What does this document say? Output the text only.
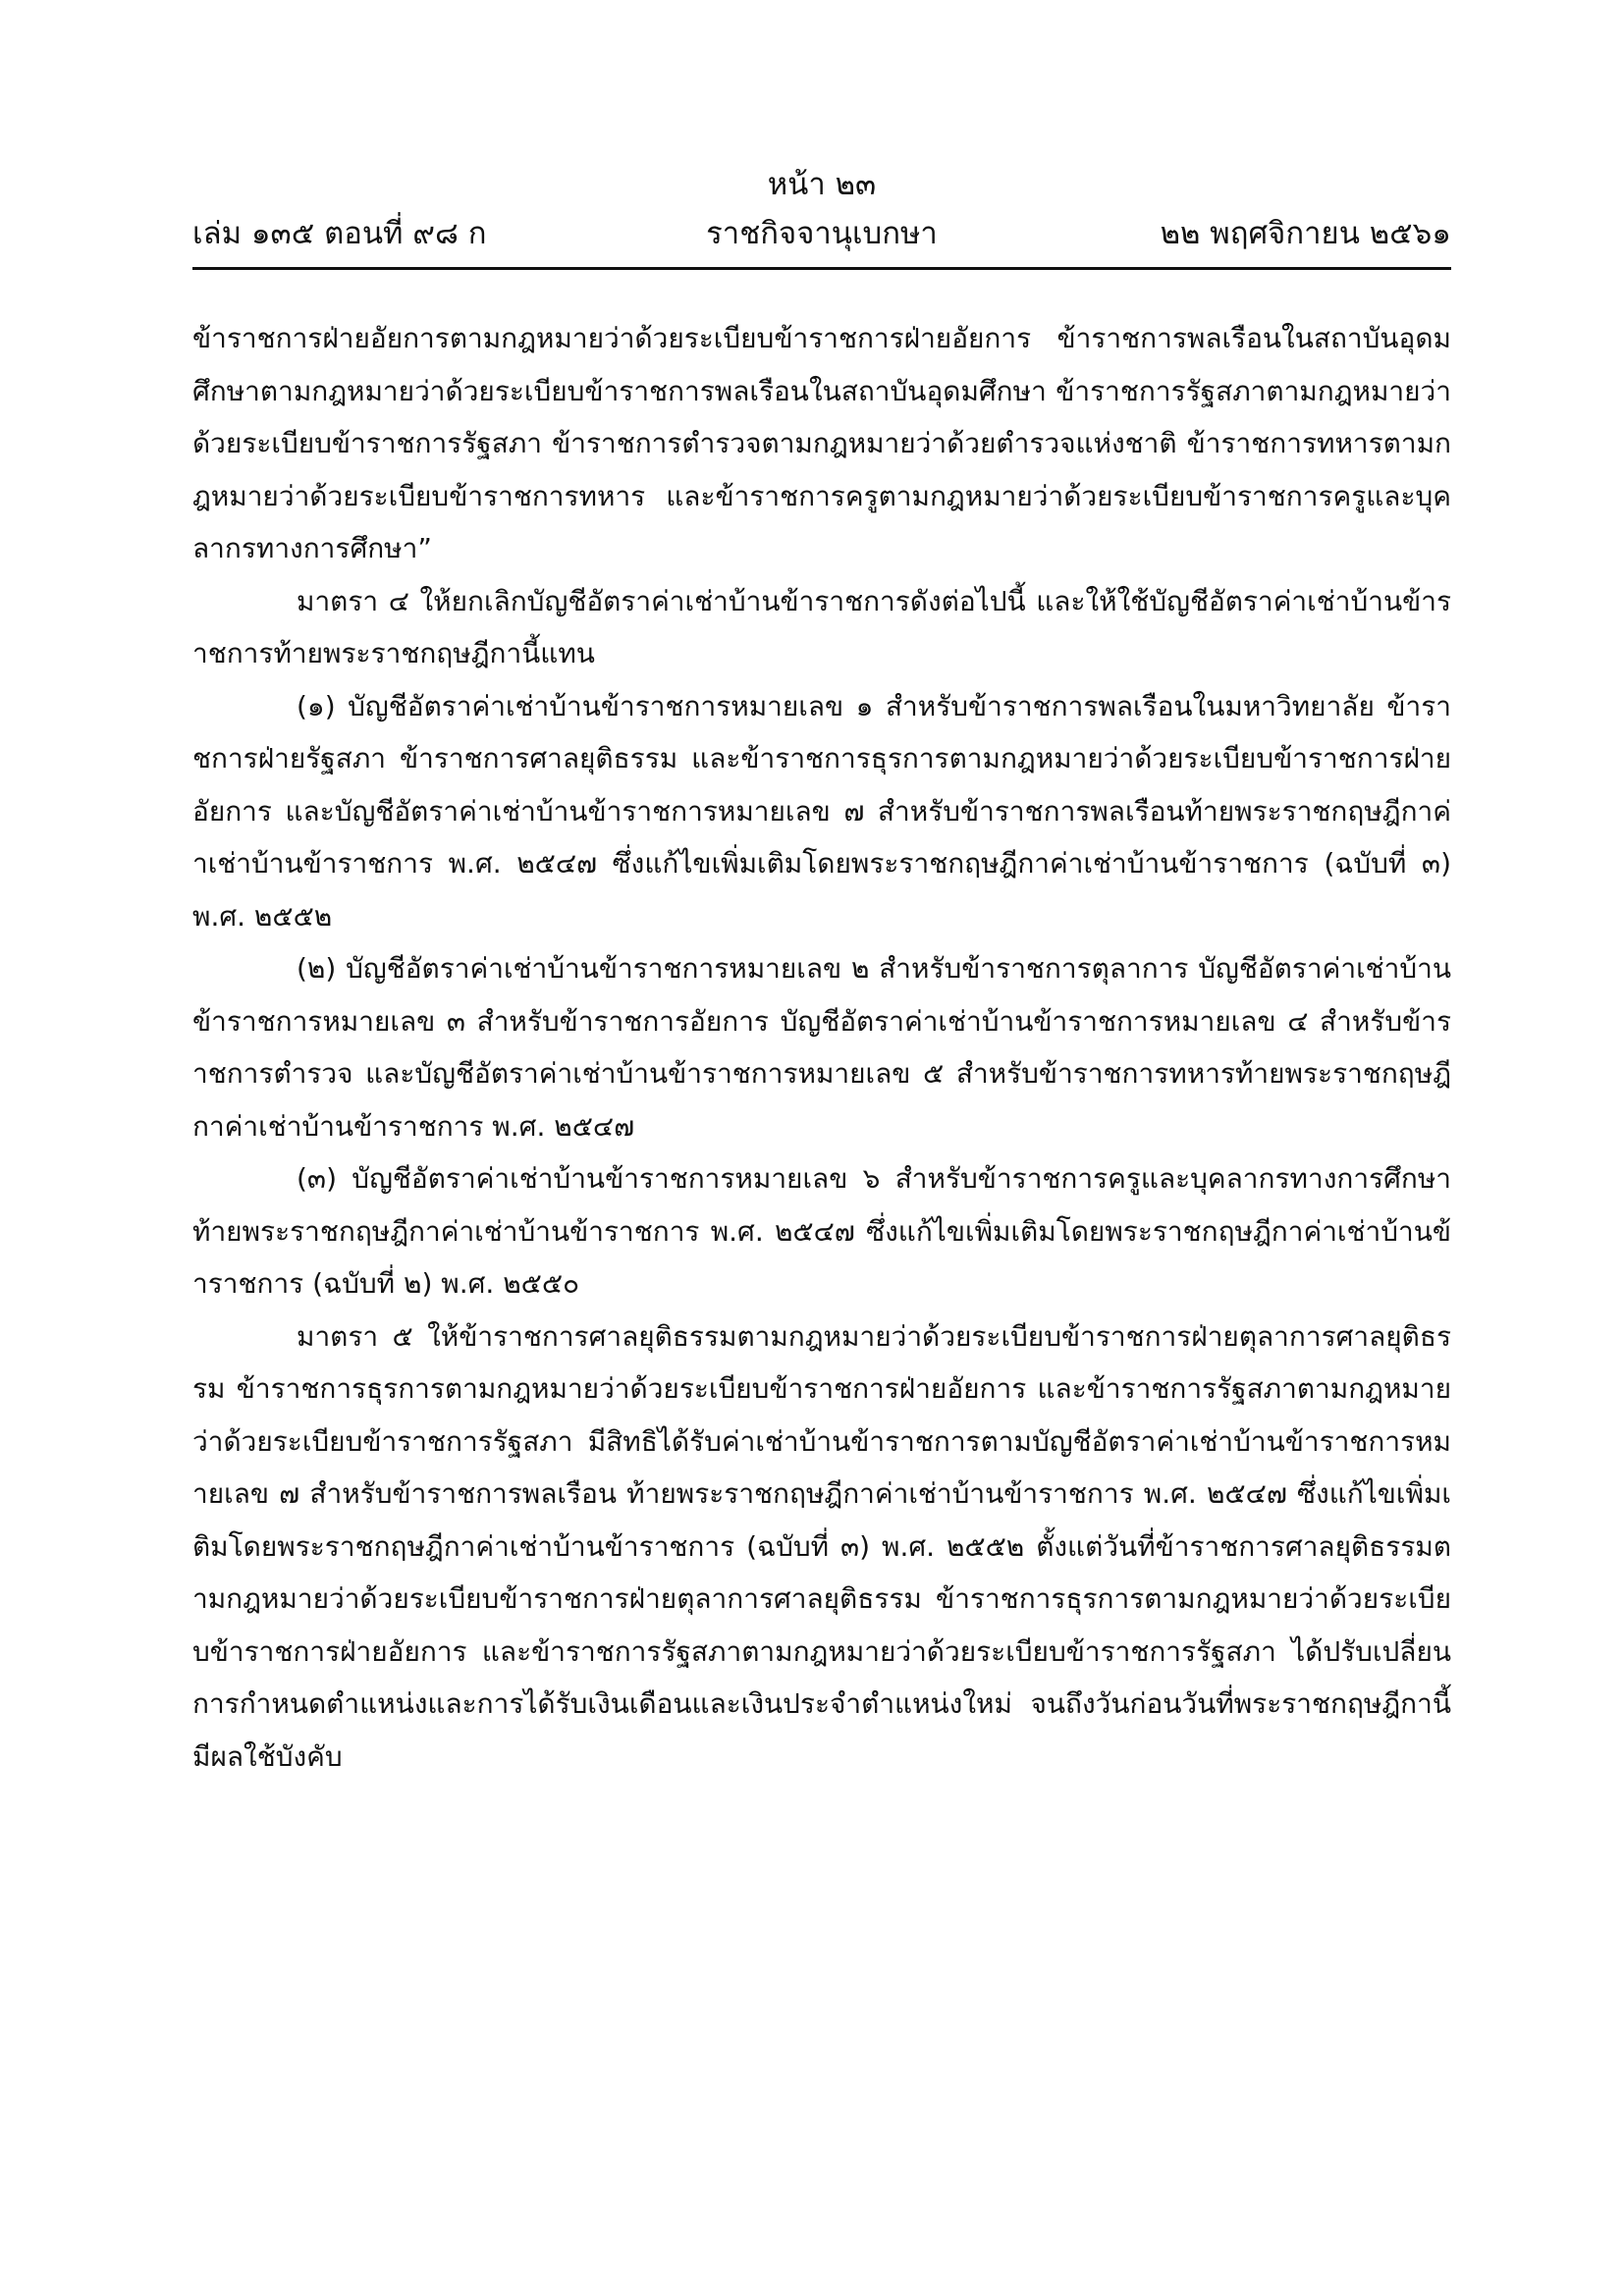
หน้า ๒๓
เล่ม ๑๓๕ ตอนที่ ๙๘ ก	ราชกิจจานุเบกษา	๒๒ พฤศจิกายน ๒๕๖๑

ข้าราชการฝ่ายอัยการตามกฎหมายว่าด้วยระเบียบข้าราชการฝ่ายอัยการ ข้าราชการพลเรือนในสถาบันอุดมศึกษาตามกฎหมายว่าด้วยระเบียบข้าราชการพลเรือนในสถาบันอุดมศึกษา ข้าราชการรัฐสภาตามกฎหมายว่าด้วยระเบียบข้าราชการรัฐสภา ข้าราชการตำรวจตามกฎหมายว่าด้วยตำรวจแห่งชาติ ข้าราชการทหารตามกฎหมายว่าด้วยระเบียบข้าราชการทหาร และข้าราชการครูตามกฎหมายว่าด้วยระเบียบข้าราชการครูและบุคลากรทางการศึกษา”

มาตรา ๔ ให้ยกเลิกบัญชีอัตราค่าเช่าบ้านข้าราชการดังต่อไปนี้ และให้ใช้บัญชีอัตราค่าเช่าบ้านข้าราชการท้ายพระราชกฤษฎีกานี้แทน

(๑) บัญชีอัตราค่าเช่าบ้านข้าราชการหมายเลข ๑ สำหรับข้าราชการพลเรือนในมหาวิทยาลัย ข้าราชการฝ่ายรัฐสภา ข้าราชการศาลยุติธรรม และข้าราชการธุรการตามกฎหมายว่าด้วยระเบียบข้าราชการฝ่ายอัยการ และบัญชีอัตราค่าเช่าบ้านข้าราชการหมายเลข ๗ สำหรับข้าราชการพลเรือนท้ายพระราชกฤษฎีกาค่าเช่าบ้านข้าราชการ พ.ศ. ๒๕๔๗ ซึ่งแก้ไขเพิ่มเติมโดยพระราชกฤษฎีกาค่าเช่าบ้านข้าราชการ (ฉบับที่ ๓) พ.ศ. ๒๕๕๒

(๒) บัญชีอัตราค่าเช่าบ้านข้าราชการหมายเลข ๒ สำหรับข้าราชการตุลาการ บัญชีอัตราค่าเช่าบ้านข้าราชการหมายเลข ๓ สำหรับข้าราชการอัยการ บัญชีอัตราค่าเช่าบ้านข้าราชการหมายเลข ๔ สำหรับข้าราชการตำรวจ และบัญชีอัตราค่าเช่าบ้านข้าราชการหมายเลข ๕ สำหรับข้าราชการทหารท้ายพระราชกฤษฎีกาค่าเช่าบ้านข้าราชการ พ.ศ. ๒๕๔๗

(๓) บัญชีอัตราค่าเช่าบ้านข้าราชการหมายเลข ๖ สำหรับข้าราชการครูและบุคลากรทางการศึกษา ท้ายพระราชกฤษฎีกาค่าเช่าบ้านข้าราชการ พ.ศ. ๒๕๔๗ ซึ่งแก้ไขเพิ่มเติมโดยพระราชกฤษฎีกาค่าเช่าบ้านข้าราชการ (ฉบับที่ ๒) พ.ศ. ๒๕๕๐

มาตรา ๕ ให้ข้าราชการศาลยุติธรรมตามกฎหมายว่าด้วยระเบียบข้าราชการฝ่ายตุลาการศาลยุติธรรม ข้าราชการธุรการตามกฎหมายว่าด้วยระเบียบข้าราชการฝ่ายอัยการ และข้าราชการรัฐสภาตามกฎหมายว่าด้วยระเบียบข้าราชการรัฐสภา มีสิทธิได้รับค่าเช่าบ้านข้าราชการตามบัญชีอัตราค่าเช่าบ้านข้าราชการหมายเลข ๗ สำหรับข้าราชการพลเรือน ท้ายพระราชกฤษฎีกาค่าเช่าบ้านข้าราชการ พ.ศ. ๒๕๔๗ ซึ่งแก้ไขเพิ่มเติมโดยพระราชกฤษฎีกาค่าเช่าบ้านข้าราชการ (ฉบับที่ ๓) พ.ศ. ๒๕๕๒ ตั้งแต่วันที่ข้าราชการศาลยุติธรรมตามกฎหมายว่าด้วยระเบียบข้าราชการฝ่ายตุลาการศาลยุติธรรม ข้าราชการธุรการตามกฎหมายว่าด้วยระเบียบข้าราชการฝ่ายอัยการ และข้าราชการรัฐสภาตามกฎหมายว่าด้วยระเบียบข้าราชการรัฐสภา ได้ปรับเปลี่ยนการกำหนดตำแหน่งและการได้รับเงินเดือนและเงินประจำตำแหน่งใหม่ จนถึงวันก่อนวันที่พระราชกฤษฎีกานี้มีผลใช้บังคับ
